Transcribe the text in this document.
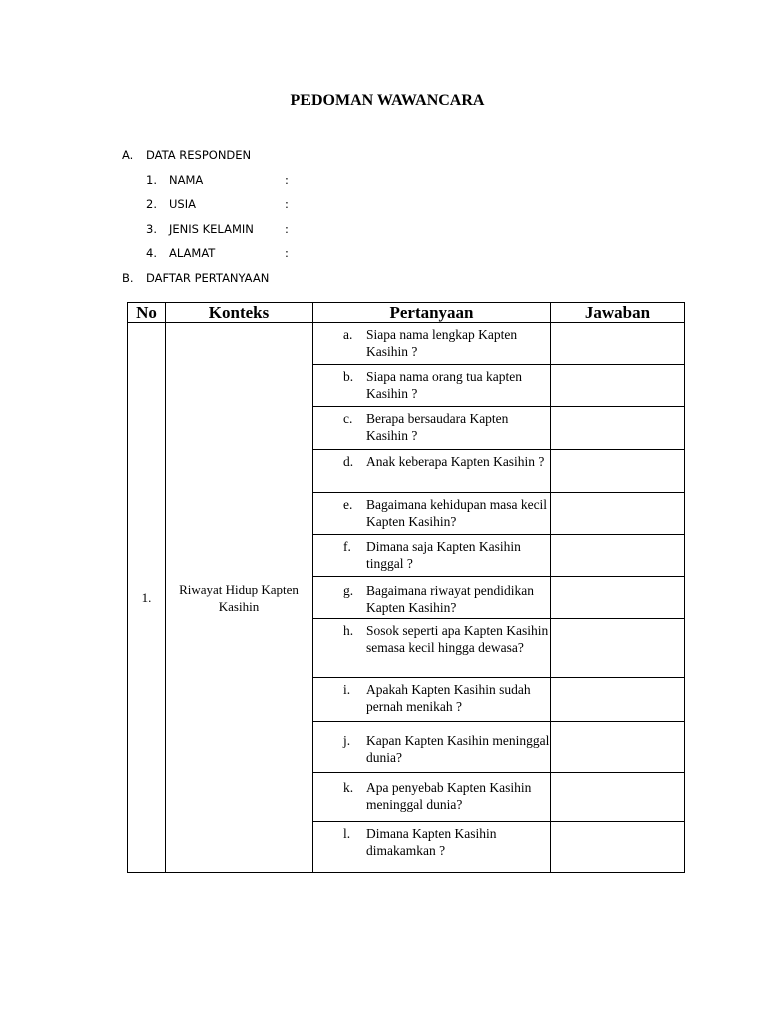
PEDOMAN WAWANCARA
A. DATA RESPONDEN
1. NAMA	:
2. USIA	:
3. JENIS KELAMIN	:
4. ALAMAT	:
B. DAFTAR PERTANYAAN
No	Konteks	Pertanyaan	Jawaban
1.	Riwayat Hidup Kapten Kasihin	a. Siapa nama lengkap Kapten Kasihin ?	

		b. Siapa nama orang tua kapten Kasihin ?	

		c. Berapa bersaudara Kapten Kasihin ?	

		d. Anak keberapa Kapten Kasihin ?	

		e. Bagaimana kehidupan masa kecil Kapten Kasihin?	

		f. Dimana saja Kapten Kasihin tinggal ?	

		g. Bagaimana riwayat pendidikan Kapten Kasihin?	

		h. Sosok seperti apa Kapten Kasihin semasa kecil hingga dewasa?	

		i. Apakah Kapten Kasihin sudah pernah menikah ?	

		j. Kapan Kapten Kasihin meninggal dunia?	

		k. Apa penyebab Kapten Kasihin meninggal dunia?	

		l. Dimana Kapten Kasihin dimakamkan ?	
